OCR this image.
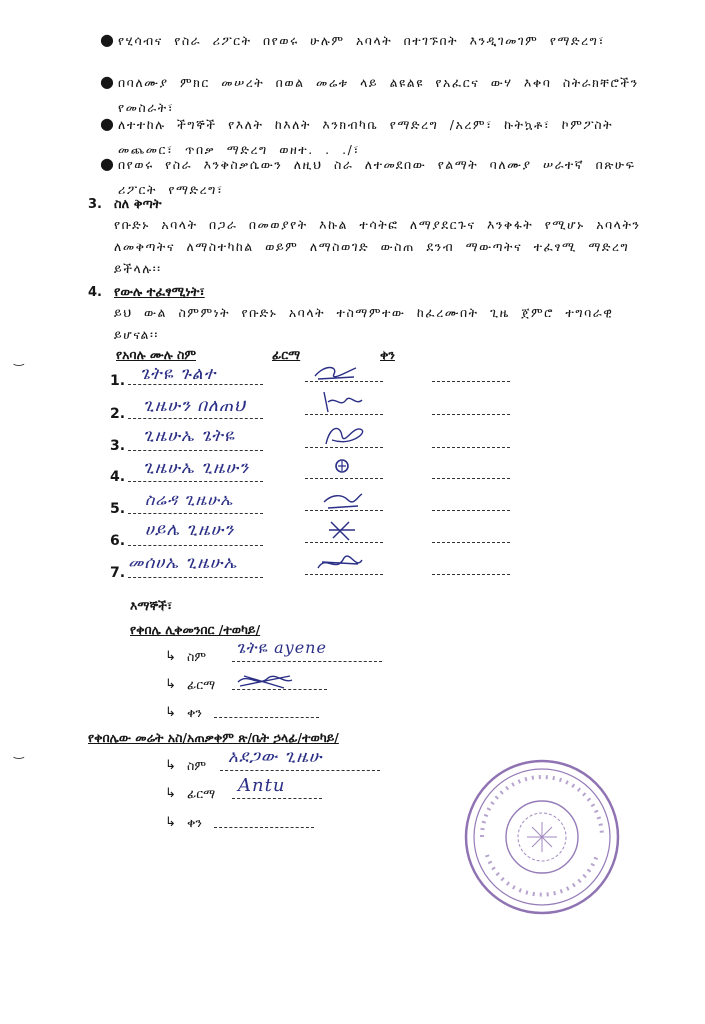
● የሂሳብና የስራ ሪፖርት በየወሩ ሁሉም አባላት በተገኙበት እንዲገመገም የማድረግ፣
● በባለሙያ ምክር መሠረት በወል መሬቱ ላይ ልዩልዩ የአፈርና ውሃ እቀባ ስትራክቸሮችን የመስራት፣
● ለተተከሉ ችግኞች የእለት ከእለት እንክብካቤ የማድረግ /አረም፣ ኩትኳቶ፣ ኮምፖስት መጨመር፣ ጥበቃ ማድረግ ወዘተ. . ./፣
● በየወሩ የስራ እንቅስቃሴውን ለዚህ ስራ ለተመደበው የልማት ባለሙያ ሠራተኛ በጽሁፍ ሪፖርት የማድረግ፣
3. ስለ ቅጣት
የቡድኑ አባላት በጋራ በመወያየት እኩል ተሳትፎ ለማያደርጉና እንቅፋት የሚሆኑ አባላትን ለመቅጣትና ለማስተካከል ወይም ለማስወገድ ውስጠ ደንብ ማውጣትና ተፈፃሚ ማድረግ ይችላሉ፡፡
4. የውሉ ተፈፃሚነት፣
ይህ ውል ስምምነት የቡድኑ አባላት ተስማምተው ከፈረሙበት ጊዜ ጀምሮ ተግባራዊ ይሆናል፡፡
የአባሉ ሙሉ ስም	ፊርማ	ቀን
1. ጌትዬ ጉልተ
2. ጊዜሁን በለጠህ
3. ጊዜሁኤ ጌትዬ
4. ጊዜሁኤ ጊዜሁን
5. ስሬዳ ጊዜሁኤ
6.
ሀይሌ ጊዜሁን
7. መሰሀኤ ጊዜሁኤ
እማኞች፣
የቀበሌ ሊቀመንበር /ተወካይ/
↳ ስም ጌትዬ ayene
↳ ፊርማ
↳ ቀን
የቀበሌው መሬት አስ/አጠቃቀም ጽ/ቤት ኃላፊ/ተወካይ/
↳ ስም አደጋው ጊዜሁ
↳ ፊርማ Antu
↳ ቀን
‿
‿
